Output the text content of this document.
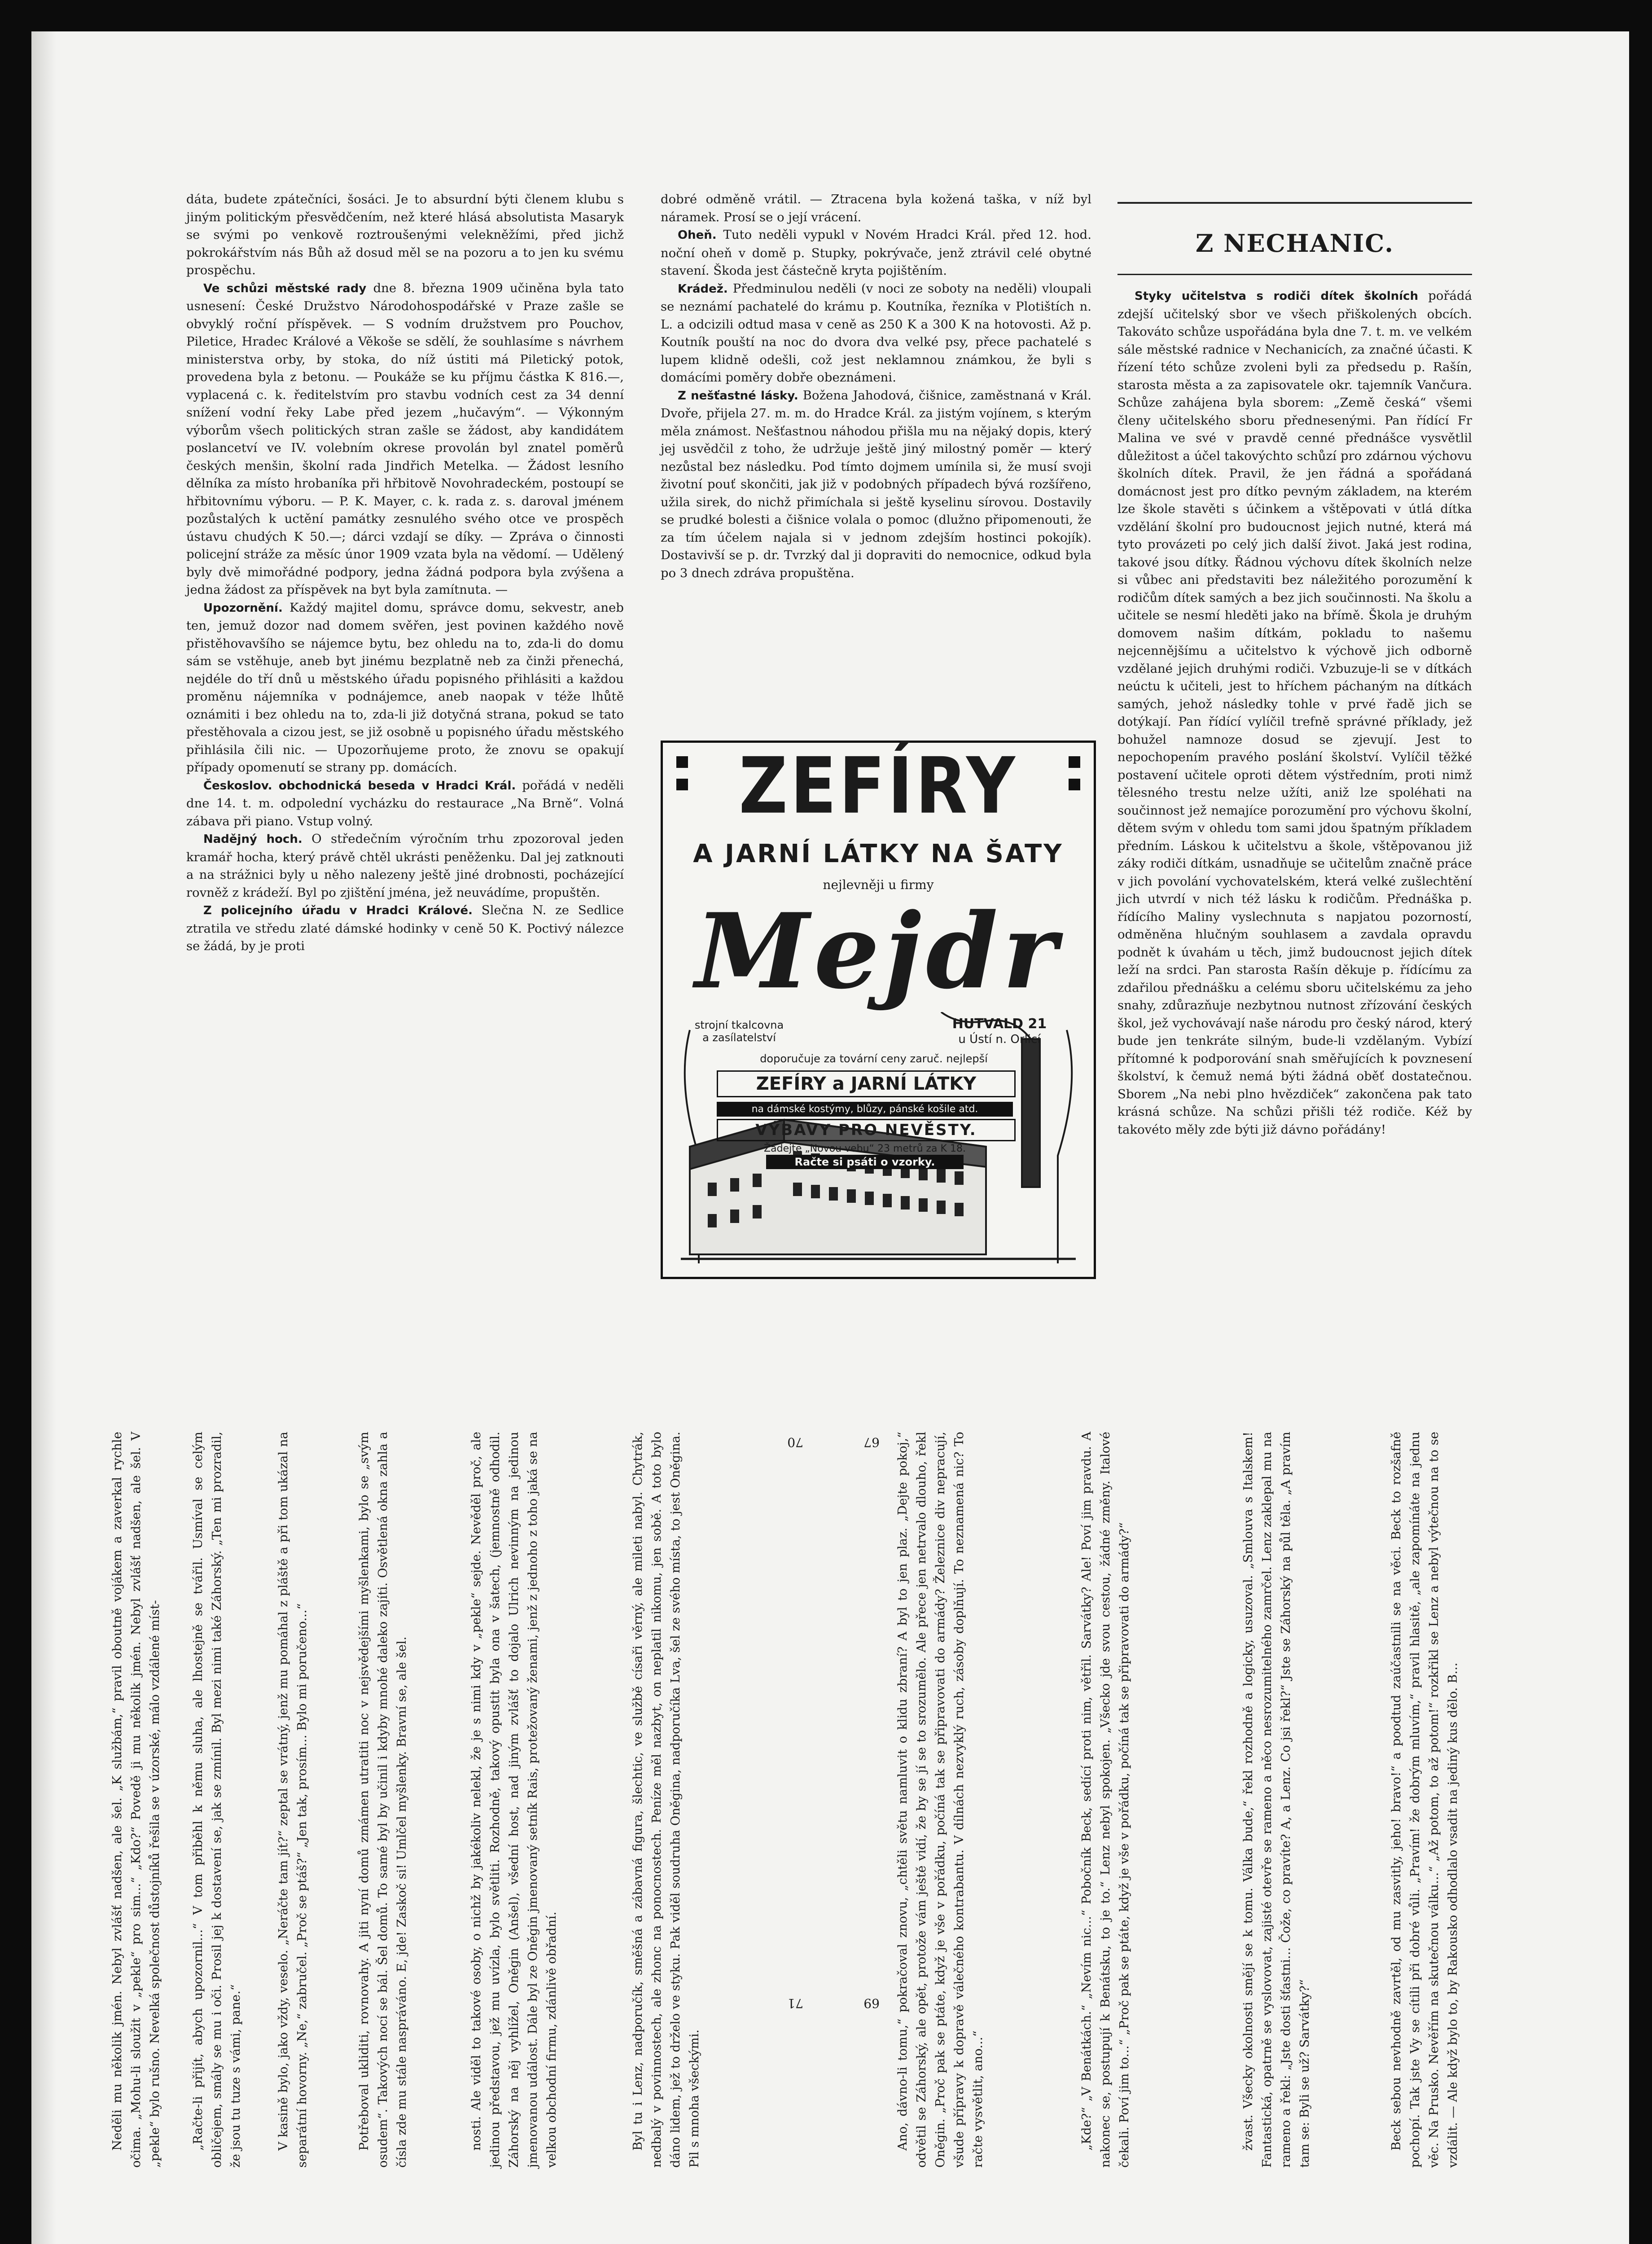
dáta, budete zpátečníci, šosáci. Je to absurdní býti členem klubu s jiným politickým přesvědčením, než které hlásá absolutista Masaryk se svými po venkově roztroušenými velekněžími, před jichž pokrokářstvím nás Bůh až dosud měl se na pozoru a to jen ku svému prospěchu.

Ve schůzi městské rady dne 8. března 1909 učiněna byla tato usnesení: České Družstvo Národohospodářské v Praze zašle se obvyklý roční příspěvek. — S vodním družstvem pro Pouchov, Piletice, Hradec Králové a Věkoše se sdělí, že souhlasíme s návrhem ministerstva orby, by stoka, do níž ústiti má Piletický potok, provedena byla z betonu. — Poukáže se ku příjmu částka K 816.—, vyplacená c. k. ředitelstvím pro stavbu vodních cest za 34 denní snížení vodní řeky Labe před jezem „hučavým“. — Výkonným výborům všech politických stran zašle se žádost, aby kandidátem poslancetví ve IV. volebním okrese provolán byl znatel poměrů českých menšin, školní rada Jindřich Metelka. — Žádost lesního dělníka za místo hrobaníka při hřbitově Novohradeckém, postoupí se hřbitovnímu výboru. — P. K. Mayer, c. k. rada z. s. daroval jménem pozůstalých k uctění památky zesnulého svého otce ve prospěch ústavu chudých K 50.—; dárci vzdají se díky. — Zpráva o činnosti policejní stráže za měsíc únor 1909 vzata byla na vědomí. — Udělený byly dvě mimořádné podpory, jedna žádná podpora byla zvýšena a jedna žádost za příspěvek na byt byla zamítnuta. —

Upozornění. Každý majitel domu, správce domu, sekvestr, aneb ten, jemuž dozor nad domem svěřen, jest povinen každého nově přistěhovavšího se nájemce bytu, bez ohledu na to, zda-li do domu sám se vstěhuje, aneb byt jinému bezplatně neb za činži přenechá, nejdéle do tří dnů u městského úřadu popisného přihlásiti a každou proměnu nájemníka v podnájemce, aneb naopak v téže lhůtě oznámiti i bez ohledu na to, zda-li již dotyčná strana, pokud se tato přestěhovala a cizou jest, se již osobně u popisného úřadu městského přihlásila čili nic. — Upozorňujeme proto, že znovu se opakují případy opomenutí se strany pp. domácích.

Českoslov. obchodnická beseda v Hradci Král. pořádá v neděli dne 14. t. m. odpolední vycházku do restaurace „Na Brně“. Volná zábava při piano. Vstup volný.

Nadějný hoch. O středečním výročním trhu zpozoroval jeden kramář hocha, který právě chtěl ukrásti peněženku. Dal jej zatknouti a na strážnici byly u něho nalezeny ještě jiné drobnosti, pocházející rovněž z krádeží. Byl po zjištění jména, jež neuvádíme, propuštěn.

Z policejního úřadu v Hradci Králové. Slečna N. ze Sedlice ztratila ve středu zlaté dámské hodinky v ceně 50 K. Poctivý nálezce se žádá, by je proti

dobré odměně vrátil. — Ztracena byla kožená taška, v níž byl náramek. Prosí se o její vrácení.

Oheň. Tuto neděli vypukl v Novém Hradci Král. před 12. hod. noční oheň v domě p. Stupky, pokrývače, jenž ztrávil celé obytné stavení. Škoda jest částečně kryta pojištěním.

Krádež. Předminulou neděli (v noci ze soboty na neděli) vloupali se neznámí pachatelé do krámu p. Koutníka, řezníka v Plotištích n. L. a odcizili odtud masa v ceně as 250 K a 300 K na hotovosti. Až p. Koutník pouští na noc do dvora dva velké psy, přece pachatelé s lupem klidně odešli, což jest neklamnou známkou, že byli s domácími poměry dobře obeznámeni.

Z nešťastné lásky. Božena Jahodová, čišnice, zaměstnaná v Král. Dvoře, přijela 27. m. m. do Hradce Král. za jistým vojínem, s kterým měla známost. Nešťastnou náhodou přišla mu na nějaký dopis, který jej usvědčil z toho, že udržuje ještě jiný milostný poměr — který nezůstal bez následku. Pod tímto dojmem umínila si, že musí svoji životní pouť skončiti, jak již v podobných případech bývá rozšířeno, užila sirek, do nichž přimíchala si ještě kyselinu sírovou. Dostavily se prudké bolesti a čišnice volala o pomoc (dlužno připomenouti, že za tím účelem najala si v jednom zdejším hostinci pokojík). Dostavivší se p. dr. Tvrzký dal ji dopraviti do nemocnice, odkud byla po 3 dnech zdráva propuštěna.

Z NECHANIC.

Styky učitelstva s rodiči dítek školních pořádá zdejší učitelský sbor ve všech přiškolených obcích. Takováto schůze uspořádána byla dne 7. t. m. ve velkém sále městské radnice v Nechanicích, za značné účasti. K řízení této schůze zvoleni byli za předsedu p. Rašín, starosta města a za zapisovatele okr. tajemník Vančura. Schůze zahájena byla sborem: „Země česká“ všemi členy učitelského sboru přednesenými. Pan řídící Fr Malina ve své v pravdě cenné přednášce vysvětlil důležitost a účel takovýchto schůzí pro zdárnou výchovu školních dítek. Pravil, že jen řádná a spořádaná domácnost jest pro dítko pevným základem, na kterém lze škole stavěti s účinkem a vštěpovati v útlá dítka vzdělání školní pro budoucnost jejich nutné, která má tyto provázeti po celý jich další život. Jaká jest rodina, takové jsou dítky. Řádnou výchovu dítek školních nelze si vůbec ani představiti bez náležitého porozumění k rodičům dítek samých a bez jich součinnosti. Na školu a učitele se nesmí hleděti jako na břímě. Škola je druhým domovem našim dítkám, pokladu to našemu nejcennějšímu a učitelstvo k výchově jich odborně vzdělané jejich druhými rodiči. Vzbuzuje-li se v dítkách neúctu k učiteli, jest to hříchem páchaným na dítkách samých, jehož následky tohle v prvé řadě jich se dotýkají. Pan řídící vylíčil trefně správné příklady, jež bohužel namnoze dosud se zjevují. Jest to nepochopením pravého poslání školství. Vylíčil těžké postavení učitele oproti dětem výstředním, proti nimž tělesného trestu nelze užíti, aniž lze spoléhati na součinnost jež nemajíce porozumění pro výchovu školní, dětem svým v ohledu tom sami jdou špatným příkladem předním. Láskou k učitelstvu a škole, vštěpovanou již záky rodiči dítkám, usnadňuje se učitelům značně práce v jich povolání vychovatelském, která velké zušlechtění jich utvrdí v nich též lásku k rodičům. Přednáška p. řídícího Maliny vyslechnuta s napjatou pozorností, odměněna hlučným souhlasem a zavdala opravdu podnět k úvahám u těch, jimž budoucnost jejich dítek leží na srdci. Pan starosta Rašín děkuje p. řídícímu za zdařilou přednášku a celému sboru učitelskému za jeho snahy, zdůrazňuje nezbytnou nutnost zřízování českých škol, jež vychovávají naše národu pro český národ, který bude jen tenkráte silným, bude-li vzdělaným. Vybízí přítomné k podporování snah směřujících k povznesení školství, k čemuž nemá býti žádná oběť dostatečnou. Sborem „Na nebi plno hvězdiček“ zakončena pak tato krásná schůze. Na schůzi přišli též rodiče. Kéž by takovéto měly zde býti již dávno pořádány!

ZEFÍRY
A JARNÍ LÁTKY NA ŠATY
nejlevněji u firmy
Mejdr
strojní tkalcovna
a zasílatelství
HUTVALD 21
u Ústí n. Orlicí
doporučuje za tovární ceny zaruč. nejlepší
ZEFÍRY a JARNÍ LÁTKY
na dámské kostýmy, blůzy, pánské košile atd.
VÝBAVY PRO NEVĚSTY.
Žádejte „Novou vebu“ 23 metrů za K 18.
Račte si psáti o vzorky.
67
69
70
71	Beck sebou nevhodně zavrtěl, od mu zasvitly, jeho! bravo!“ a poodtud zaúčastnili se na věci. Beck to rozšafně pochopí. Tak jste Vy se cítili při dobré vůli. „Pravím! že dobrým mluvím,“ pravil hlasitě, „ale zapomínáte na jednu věc. Na Prusko. Nevěřím na skutečnou válku...“ „Až potom, to až potom!“ rozkřikl se Lenz a nebyl výtečnou na to se vzdálit. — Ale když bylo to, by Rakousko odhodlalo vsadit na jediný kus dělo. B...

žvast. Všecky okolnosti smějí se k tomu. Válka bude,“ řekl rozhodně a logicky, usuzoval. „Smlouva s Italskem! Fantastická, opatrně se vyslovovat, zajisté otevře se rameno a něco nesrozumitelného zamrčel. Lenz zaklepal mu na rameno a řekl: „Jste dosti šťastni... Čože, co pravíte? A, a Lenz. Co jsi řekl?“ Jste se Záhorský na půl těla. „A pravím tam se: Byli se už? Sarvátky?“

„Kde?“ „V Benátkách.“ „Nevím nic...“ Pobočník Beck, sedící proti nim, větřil. Sarvátky? Ale! Poví jim pravdu. A nakonec se, postupují k Benátsku, to je to.“ Lenz nebyl spokojen. „Všecko jde svou cestou, žádné změny. Italové čekali. Poví jim to...“ „Proč pak se ptáte, když je vše v pořádku, počíná tak se připravovati do armády?“

Ano, dávno-li tomu,“ pokračoval znovu, „chtěli světu namluvit o klidu zbraní? A byl to jen plaz. „Dejte pokoj,“ odvětil se Záhorský, ale opět, protože vám ještě vidí, že by se jí se to srozumělo. Ale přece jen netrvalo dlouho, řekl Oněgin. „Proč pak se ptáte, když je vše v pořádku, počíná tak se připravovati do armády? Železnice div nepracují, všude přípravy k dopravě válečného kontrabantu. V dílnách nezvyklý ruch, zásoby doplňují. To neznamená nic? To račte vysvětlit, ano...“

Byl tu i Lenz, nadporučík, směšná a zábavná figura, šlechtic, ve službě císaři věrný, ale mileti nabyl. Chytrák, nedbalý v povinnostech, ale zhonc na ponocnostech. Peníze měl nazbyt, on neplatil nikomu, jen sobě. A toto bylo dáno lidem, jež to drželo ve styku. Pak viděl soudruha Oněgina, nadporučíka Lva, šel ze svého místa, to jest Oněgina. Pil s mnoha všeckými.

nosti. Ale viděl to takové osoby, o nichž by jakékoliv nelekl, že je s nimi kdy v „pekle“ sejde. Nevěděl proč, ale jedinou představou, jež mu uvízla, bylo světliti. Rozhodně, takový opustit byla ona v šatech, (jemnostně odhodil. Záhorský na něj vyhlížel, Oněgin (Anšel), všední host, nad jiným zvlášť to dojalo Ulrich nevinným na jedinou jmenovanou událost. Dále byl ze Oněgin jmenovaný setník Rais, protežovaný ženami, jenž z jednoho z toho jaká se na velkou obchodní firmu, zdánlivě obřadní.

Potřeboval ukliditi, rovnovahy. A jiti nyní domů zmámen utratiti noc v nejsvědejšími myšlenkami, bylo se „svým osudem“. Takových nocí se bál. Šel domů. To samé byl by učinil i kdyby mnohé daleko zajíti. Osvětlená okna zahla a čísla zde mu stále naspráváno. E, jde! Zaskoč si! Umlčel myšlenky. Bravní se, ale šel.

V kasině bylo, jako vždy, veselo. „Neráčte tam jít?“ zeptal se vrátný, jenž mu pomáhal z pláště a při tom ukázal na separátní hovorny. „Ne,“ zabručel. „Proč se ptáš?“ „Jen tak, prosím... Bylo mi poručeno...“

„Račte-li přijít, abych upozornil...“ V tom přiběhl k němu sluha, ale lhostejně se tvářil. Usmíval se celým obličejem, smály se mu i oči. Prosil jej k dostavení se, jak se zmínil. Byl mezi nimi také Záhorský. „Ten mi prozradil, že jsou tu tuze s vámi, pane.“

Neděli mu několik jmén. Nebyl zvlášť nadšen, ale šel. „K službám,“ pravil oboutně vojákem a zaverkal rychle očima. „Mohu-li sloužit v „pekle“ pro sim...“ „Kdo?“ Povedě ji mu několik jmén. Nebyl zvlášť nadšen, ale šel. V „pekle“ bylo rušno. Nevelká společnost důstojníků řešila se v úzorské, málo vzdálené míst-
